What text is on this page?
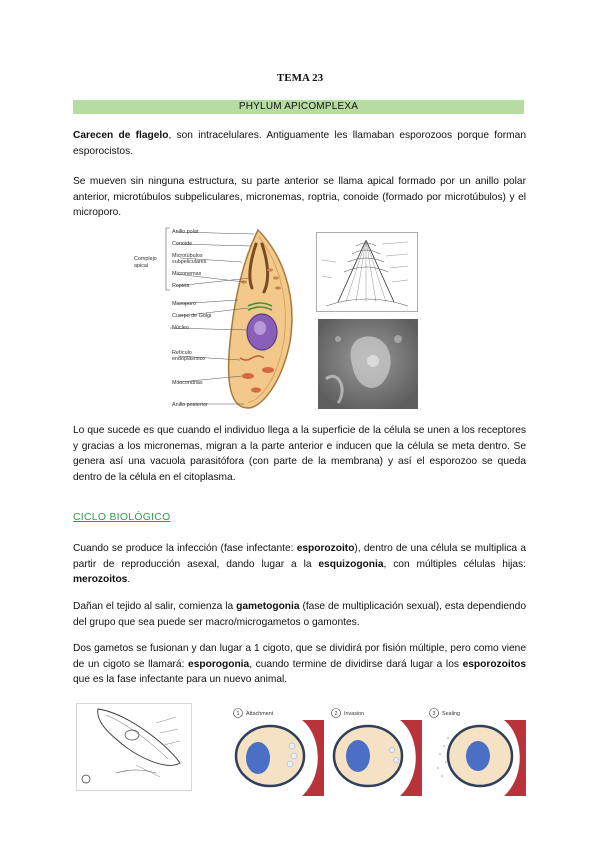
TEMA 23
PHYLUM APICOMPLEXA

Carecen de flagelo, son intracelulares. Antiguamente les llamaban esporozoos porque forman esporocistos.

Se mueven sin ninguna estructura, su parte anterior se llama apical formado por un anillo polar anterior, microtúbulos subpeliculares, micronemas, roptria, conoide (formado por microtúbulos) y el microporo.

Complejo
apical
Anillo polar
Conoide
Microtúbulos
subpeliculares
Micronemas
Roptria
Microporo
Cuerpo de Golgi
Núcleo
Retículo
endoplásmico
Mitocondrias
Anillo posterior

Lo que sucede es que cuando el individuo llega a la superficie de la célula se unen a los receptores y gracias a los micronemas, migran a la parte anterior e inducen que la célula se meta dentro. Se genera así una vacuola parasitófora (con parte de la membrana) y así el esporozoo se queda dentro de la célula en el citoplasma.

CICLO BIOLÓGICO

Cuando se produce la infección (fase infectante: esporozoito), dentro de una célula se multiplica a partir de reproducción asexal, dando lugar a la esquizogonia, con múltiples células hijas: merozoitos.

Dañan el tejido al salir, comienza la gametogonia (fase de multiplicación sexual), esta dependiendo del grupo que sea puede ser macro/microgametos o gamontes.

Dos gametos se fusionan y dan lugar a 1 cigoto, que se dividirá por fisión múltiple, pero como viene de un cigoto se llamará: esporogonia, cuando termine de dividirse dará lugar a los esporozoitos que es la fase infectante para un nuevo animal.

1 Attachment	2 Invasion	3 Sealing
